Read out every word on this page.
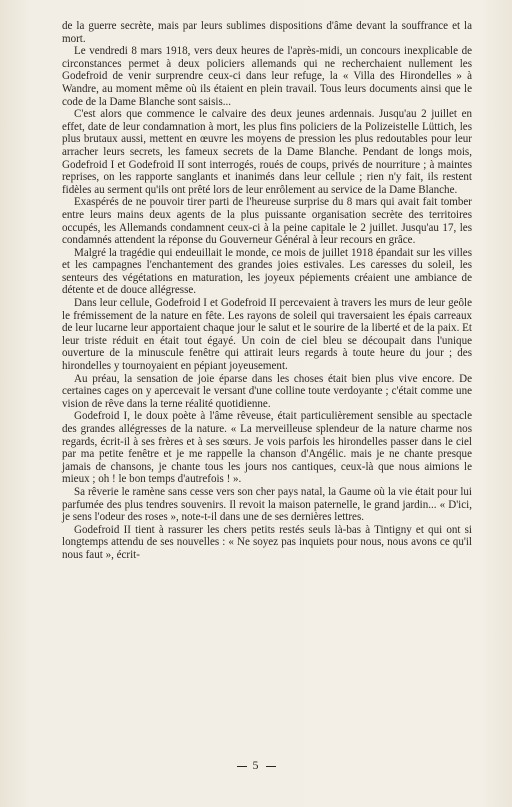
de la guerre secrète, mais par leurs sublimes dispositions d'âme devant la souffrance et la mort.

Le vendredi 8 mars 1918, vers deux heures de l'après-midi, un concours inexplicable de circonstances permet à deux policiers allemands qui ne recherchaient nullement les Godefroid de venir surprendre ceux-ci dans leur refuge, la « Villa des Hirondelles » à Wandre, au moment même où ils étaient en plein travail. Tous leurs documents ainsi que le code de la Dame Blanche sont saisis...

C'est alors que commence le calvaire des deux jeunes ardennais. Jusqu'au 2 juillet en effet, date de leur condamnation à mort, les plus fins policiers de la Polizeistelle Lüttich, les plus brutaux aussi, mettent en œuvre les moyens de pression les plus redoutables pour leur arracher leurs secrets, les fameux secrets de la Dame Blanche. Pendant de longs mois, Godefroid I et Godefroid II sont interrogés, roués de coups, privés de nourriture ; à maintes reprises, on les rapporte sanglants et inanimés dans leur cellule ; rien n'y fait, ils restent fidèles au serment qu'ils ont prêté lors de leur enrôlement au service de la Dame Blanche.

Exaspérés de ne pouvoir tirer parti de l'heureuse surprise du 8 mars qui avait fait tomber entre leurs mains deux agents de la plus puissante organisation secrète des territoires occupés, les Allemands condamnent ceux-ci à la peine capitale le 2 juillet. Jusqu'au 17, les condamnés attendent la réponse du Gouverneur Général à leur recours en grâce.

Malgré la tragédie qui endeuillait le monde, ce mois de juillet 1918 épandait sur les villes et les campagnes l'enchantement des grandes joies estivales. Les caresses du soleil, les senteurs des végétations en maturation, les joyeux pépiements créaient une ambiance de détente et de douce allégresse.

Dans leur cellule, Godefroid I et Godefroid II percevaient à travers les murs de leur geôle le frémissement de la nature en fête. Les rayons de soleil qui traversaient les épais carreaux de leur lucarne leur apportaient chaque jour le salut et le sourire de la liberté et de la paix. Et leur triste réduit en était tout égayé. Un coin de ciel bleu se découpait dans l'unique ouverture de la minuscule fenêtre qui attirait leurs regards à toute heure du jour ; des hirondelles y tournoyaient en pépiant joyeusement.

Au préau, la sensation de joie éparse dans les choses était bien plus vive encore. De certaines cages on y apercevait le versant d'une colline toute verdoyante ; c'était comme une vision de rêve dans la terne réalité quotidienne.

Godefroid I, le doux poète à l'âme rêveuse, était particulièrement sensible au spectacle des grandes allégresses de la nature. « La merveilleuse splendeur de la nature charme nos regards, écrit-il à ses frères et à ses sœurs. Je vois parfois les hirondelles passer dans le ciel par ma petite fenêtre et je me rappelle la chanson d'Angélic. mais je ne chante presque jamais de chansons, je chante tous les jours nos cantiques, ceux-là que nous aimions le mieux ; oh ! le bon temps d'autrefois ! ».

Sa rêverie le ramène sans cesse vers son cher pays natal, la Gaume où la vie était pour lui parfumée des plus tendres souvenirs. Il revoit la maison paternelle, le grand jardin... « D'ici, je sens l'odeur des roses », note-t-il dans une de ses dernières lettres.

Godefroid II tient à rassurer les chers petits restés seuls là-bas à Tintigny et qui ont si longtemps attendu de ses nouvelles : « Ne soyez pas inquiets pour nous, nous avons ce qu'il nous faut », écrit-

5
